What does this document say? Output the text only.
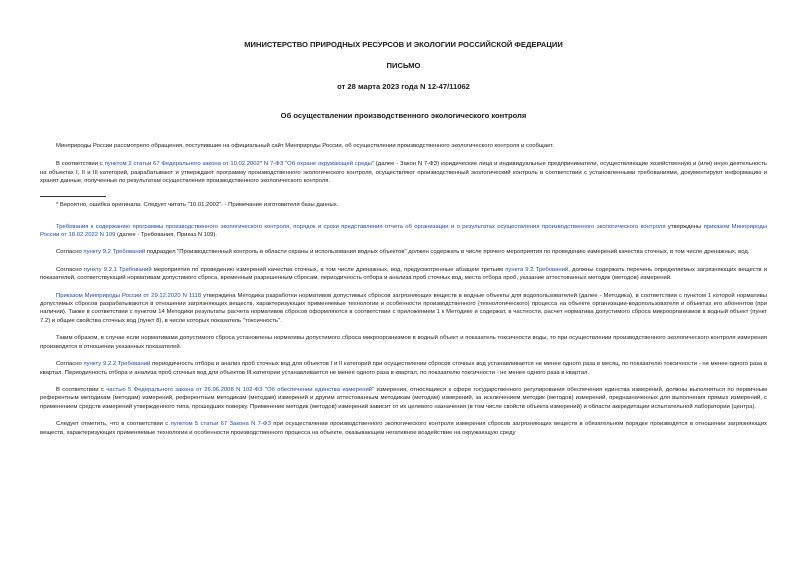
МИНИСТЕРСТВО ПРИРОДНЫХ РЕСУРСОВ И ЭКОЛОГИИ РОССИЙСКОЙ ФЕДЕРАЦИИ

ПИСЬМО

от 28 марта 2023 года N 12-47/11062

Об осуществлении производственного экологического контроля

Минприроды России рассмотрело обращения, поступившие на официальный сайт Минприроды России, об осуществлении производственного экологического контроля и сообщает.

В соответствии с пунктом 2 статьи 67 Федерального закона от 10.02.2002* N 7-ФЗ "Об охране окружающей среды" (далее - Закон N 7-ФЗ) юридические лица и индивидуальные предприниматели, осуществляющие хозяйственную и (или) иную деятельность на объектах I, II и III категорий, разрабатывают и утверждают программу производственного экологического контроля, осуществляют производственный экологический контроль в соответствии с установленными требованиями, документируют информацию и хранят данные, полученные по результатам осуществления производственного экологического контроля.

* Вероятно, ошибка оригинала. Следует читать "10.01.2002". - Примечание изготовителя базы данных.

Требования к содержанию программы производственного экологического контроля, порядок и сроки представления отчета об организации и о результатах осуществления производственного экологического контроля утверждены приказом Минприроды России от 18.02.2022 N 109 (далее - Требования, Приказ N 109).

Согласно пункту 9.2 Требований подраздел "Производственный контроль в области охраны и использования водных объектов" должен содержать в числе прочего мероприятия по проведению измерений качества сточных, в том числе дренажных, вод.

Согласно пункту 9.2.1 Требований мероприятия по проведению измерений качества сточных, в том числе дренажных, вод, предусмотренные абзацем третьим пункта 9.2 Требований, должны содержать перечень определяемых загрязняющих веществ и показателей, соответствующий нормативам допустимого сброса, временным разрешенным сбросам, периодичность отбора и анализа проб сточных вод, места отбора проб, указание аттестованных методик (методов) измерений.

Приказом Минприроды России от 29.12.2020 N 1118 утверждена Методика разработки нормативов допустимых сбросов загрязняющих веществ в водные объекты для водопользователей (далее - Методика), в соответствии с пунктом 1 которой нормативы допустимых сбросов разрабатываются в отношении загрязняющих веществ, характеризующих применяемые технологии и особенности производственного (технологического) процесса на объекте организации-водопользователя и объектах его абонентов (при наличии). Также в соответствии с пунктом 14 Методики результаты расчета нормативов сбросов оформляются в соответствии с приложением 1 к Методике и содержат, в частности, расчет норматива допустимого сброса микроорганизмов в водный объект (пункт 7.2) и общие свойства сточных вод (пункт 8), в числе которых показатель "токсичность".

Таким образом, в случае если нормативами допустимого сброса установлены нормативы допустимого сброса микроорганизмов в водный объект и показатель токсичности воды, то при осуществлении производственного экологического контроля измерения производятся в отношении указанных показателей.

Согласно пункту 9.2.2 Требований периодичность отбора и анализ проб сточных вод для объектов I и II категорий при осуществлении сбросов сточных вод устанавливается не менее одного раза в месяц, по показателю токсичности - не менее одного раза в квартал. Периодичность отбора и анализа проб сточных вод для объектов III категории устанавливается не менее одного раза в квартал, по показателю токсичности - не менее одного раза в квартал.

В соответствии с частью 5 Федерального закона от 26.06.2008 N 102-ФЗ "Об обеспечении единства измерений" измерения, относящиеся к сфере государственного регулирования обеспечения единства измерений, должны выполняться по первичным референтным методикам (методам) измерений, референтным методикам (методам) измерений и другим аттестованным методикам (методам) измерений, за исключением методик (методов) измерений, предназначенных для выполнения прямых измерений, с применением средств измерений утвержденного типа, прошедших поверку. Применение методик (методов) измерений зависит от их целевого назначения (в том числе свойств объекта измерений) и области аккредитации испытательной лаборатории (центра).

Следует отметить, что в соответствии с пунктом 5 статьи 67 Закона N 7-ФЗ при осуществлении производственного экологического контроля измерения сбросов загрязняющих веществ в обязательном порядке производятся в отношении загрязняющих веществ, характеризующих применяемые технологии и особенности производственного процесса на объекте, оказывающем негативное воздействие на окружающую среду
